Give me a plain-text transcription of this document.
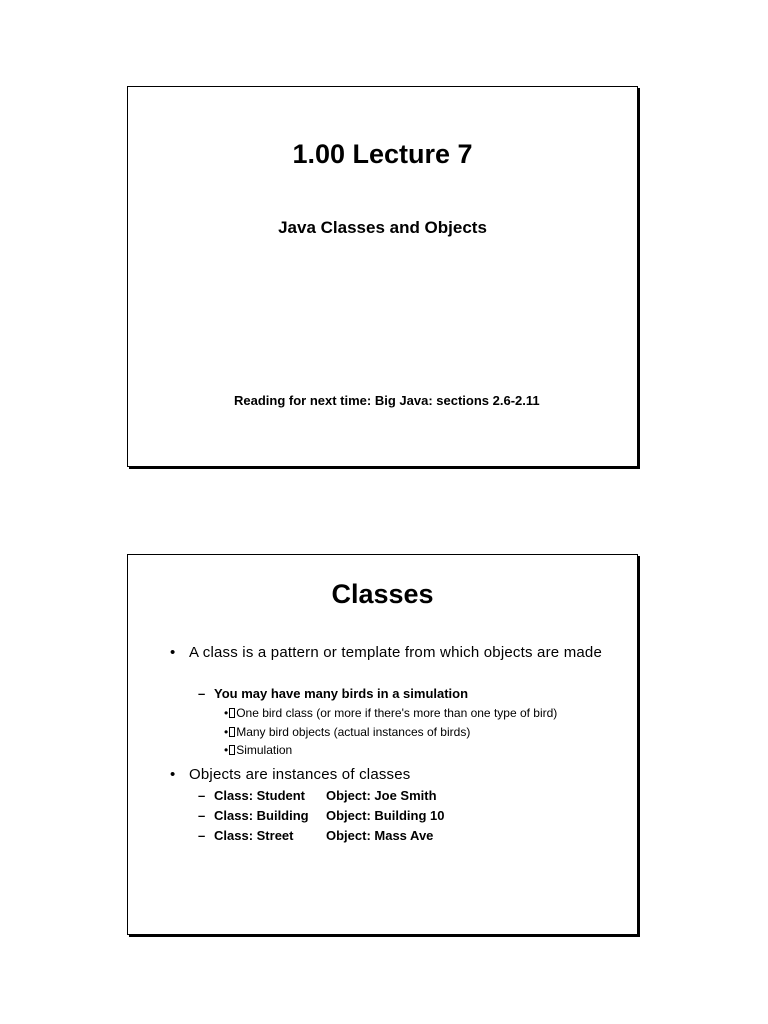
1.00 Lecture 7
Java Classes and Objects
Reading for next time: Big Java: sections 2.6-2.11
Classes
• A class is a pattern or template from which objects are made
– You may have many birds in a simulation
• One bird class (or more if there's more than one type of bird)
• Many bird objects (actual instances of birds)
• Simulation
• Objects are instances of classes
– Class: Student Object: Joe Smith
– Class: Building Object: Building 10
– Class: Street	Object: Mass Ave
